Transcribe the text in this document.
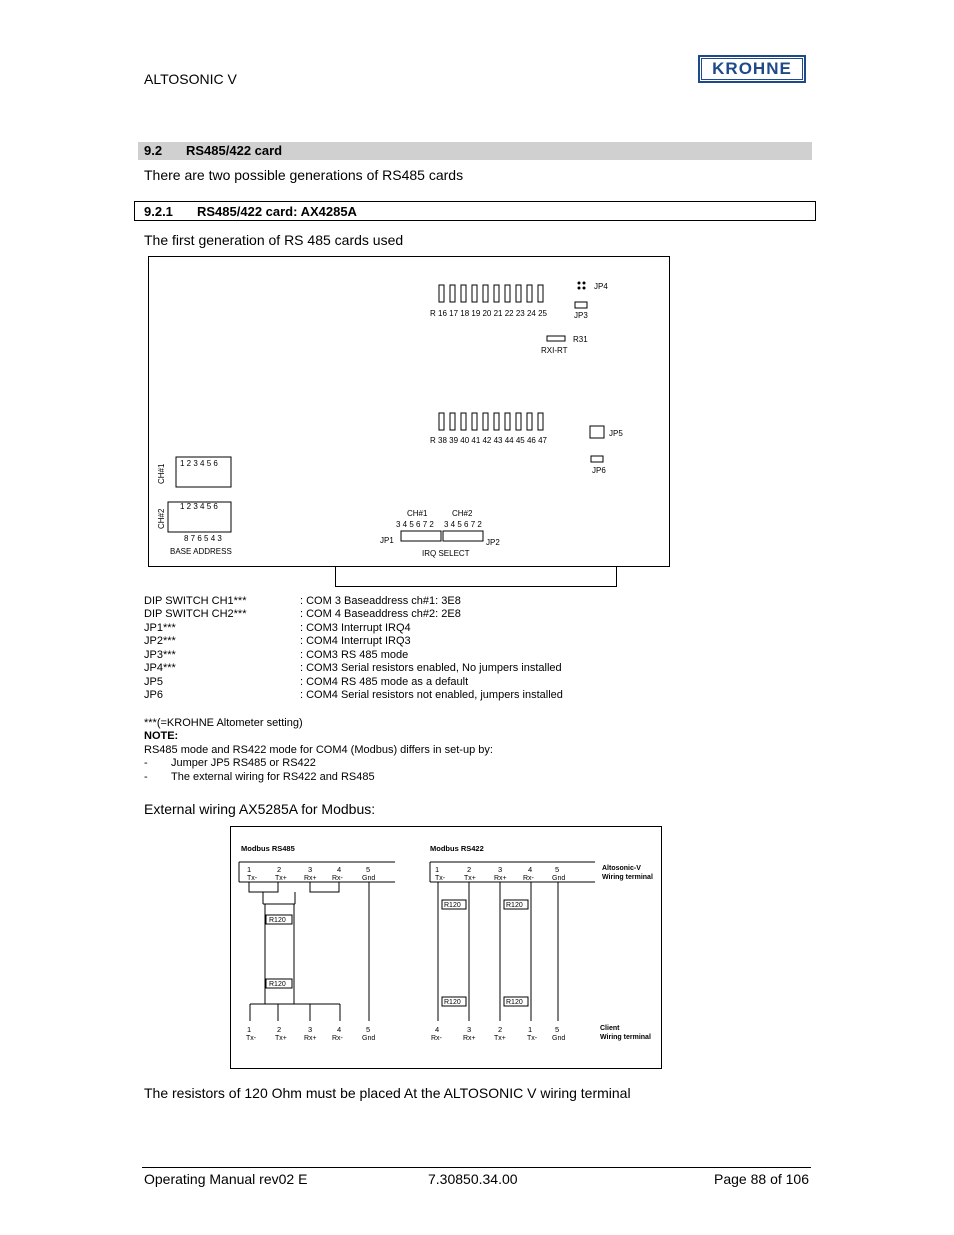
ALTOSONIC V
KROHNE
9.2 RS485/422 card
There are two possible generations of RS485 cards
9.2.1 RS485/422 card: AX4285A
The first generation of RS 485 cards used
R 16 17 18 19 20 21 22 23 24 25
JP4
JP3
R31
RXI-RT
R 38 39 40 41 42 43 44 45 46 47
JP5
JP6
1 2 3 4 5 6
CH#1
1 2 3 4 5 6
CH#2
8 7 6 5 4 3
BASE ADDRESS
CH#1	CH#2
3 4 5 6 7 2 3 4 5 6 7 2
JP1	JP2
IRQ SELECT
DIP SWITCH CH1***	: COM 3 Baseaddress ch#1: 3E8
DIP SWITCH CH2***	: COM 4 Baseaddress ch#2: 2E8
JP1***	: COM3 Interrupt IRQ4
JP2***	: COM4 Interrupt IRQ3
JP3***	: COM3 RS 485 mode
JP4***	: COM3 Serial resistors enabled, No jumpers installed
JP5	: COM4 RS 485 mode as a default
JP6	: COM4 Serial resistors not enabled, jumpers installed
***(=KROHNE Altometer setting)
NOTE:
RS485 mode and RS422 mode for COM4 (Modbus) differs in set-up by:
- Jumper JP5 RS485 or RS422
- The external wiring for RS422 and RS485
External wiring AX5285A for Modbus:
Modbus RS485	Modbus RS422
1
Tx-
2
Tx+
3
Rx+
4
Rx-
5
Gnd
1
Tx-
2
Tx+
3
Rx+
4
Rx-
5
Gnd
Altosonic-V
Wiring terminal
R120
R120
R120	R120
R120	R120
1
Tx-
2
Tx+
3
Rx+
4
Rx-
5
Gnd
4
Rx-
3
Rx+
2
Tx+
1
Tx-
5
Gnd
Client
Wiring terminal
The resistors of 120 Ohm must be placed At the ALTOSONIC V wiring terminal
Operating Manual rev02 E	7.30850.34.00	Page 88 of 106
